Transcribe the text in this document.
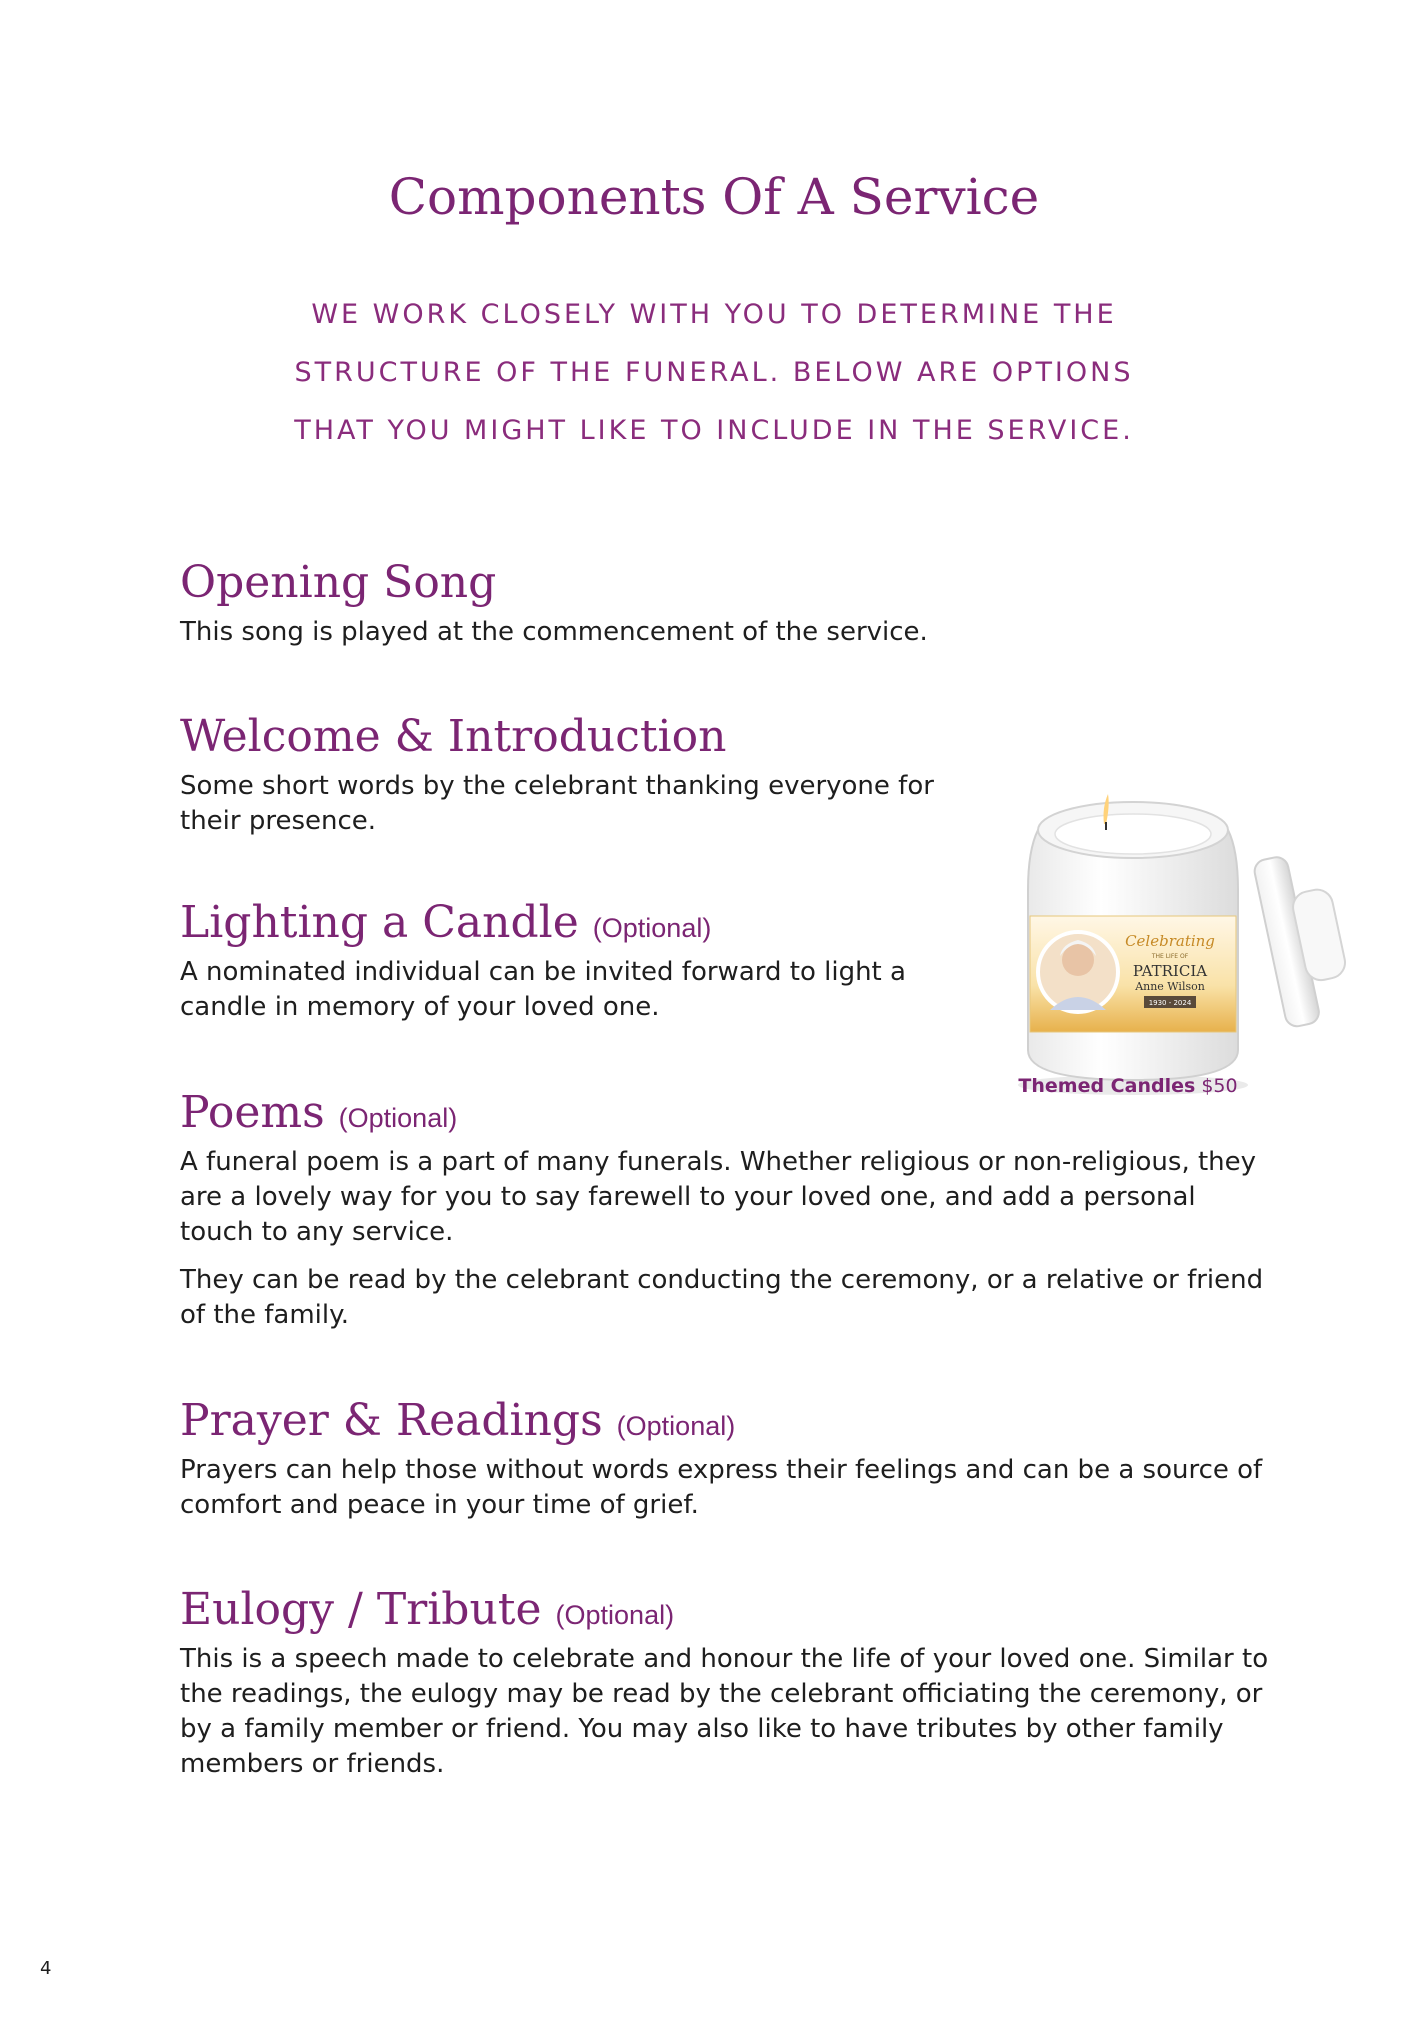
Components Of A Service

WE WORK CLOSELY WITH YOU TO DETERMINE THE
STRUCTURE OF THE FUNERAL. BELOW ARE OPTIONS
THAT YOU MIGHT LIKE TO INCLUDE IN THE SERVICE.

Opening Song

This song is played at the commencement of the service.

Welcome & Introduction

Some short words by the celebrant thanking everyone for their presence.

Lighting a Candle (Optional)

A nominated individual can be invited forward to light a candle in memory of your loved one.

Poems (Optional)

A funeral poem is a part of many funerals. Whether religious or non-religious, they are a lovely way for you to say farewell to your loved one, and add a personal touch to any service.

They can be read by the celebrant conducting the ceremony, or a relative or friend of the family.

Prayer & Readings (Optional)

Prayers can help those without words express their feelings and can be a source of comfort and peace in your time of grief.

Eulogy / Tribute (Optional)

This is a speech made to celebrate and honour the life of your loved one. Similar to the readings, the eulogy may be read by the celebrant officiating the ceremony, or by a family member or friend. You may also like to have tributes by other family members or friends.

Celebrating
THE LIFE OF
PATRICIA
Anne Wilson
1930 - 2024
Themed Candles $50
4
